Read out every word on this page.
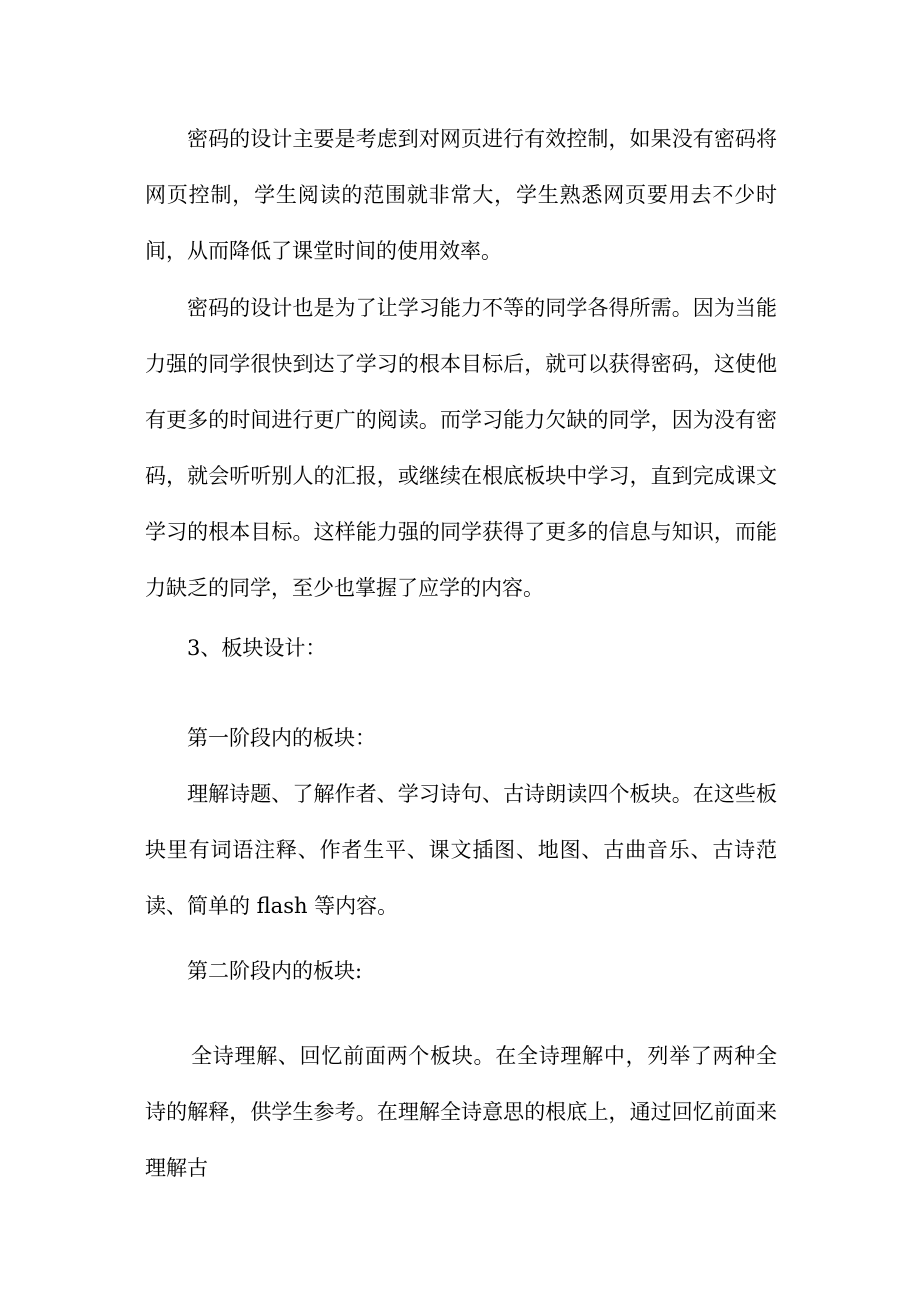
密码的设计主要是考虑到对网页进行有效控制，如果没有密码将网页控制，学生阅读的范围就非常大，学生熟悉网页要用去不少时间，从而降低了课堂时间的使用效率。

密码的设计也是为了让学习能力不等的同学各得所需。因为当能力强的同学很快到达了学习的根本目标后，就可以获得密码，这使他有更多的时间进行更广的阅读。而学习能力欠缺的同学，因为没有密码，就会听听别人的汇报，或继续在根底板块中学习，直到完成课文学习的根本目标。这样能力强的同学获得了更多的信息与知识，而能力缺乏的同学，至少也掌握了应学的内容。

3、板块设计：

第一阶段内的板块：

理解诗题、了解作者、学习诗句、古诗朗读四个板块。在这些板块里有词语注释、作者生平、课文插图、地图、古曲音乐、古诗范读、简单的 flash 等内容。

第二阶段内的板块:

全诗理解、回忆前面两个板块。在全诗理解中，列举了两种全诗的解释，供学生参考。在理解全诗意思的根底上，通过回忆前面来理解古
